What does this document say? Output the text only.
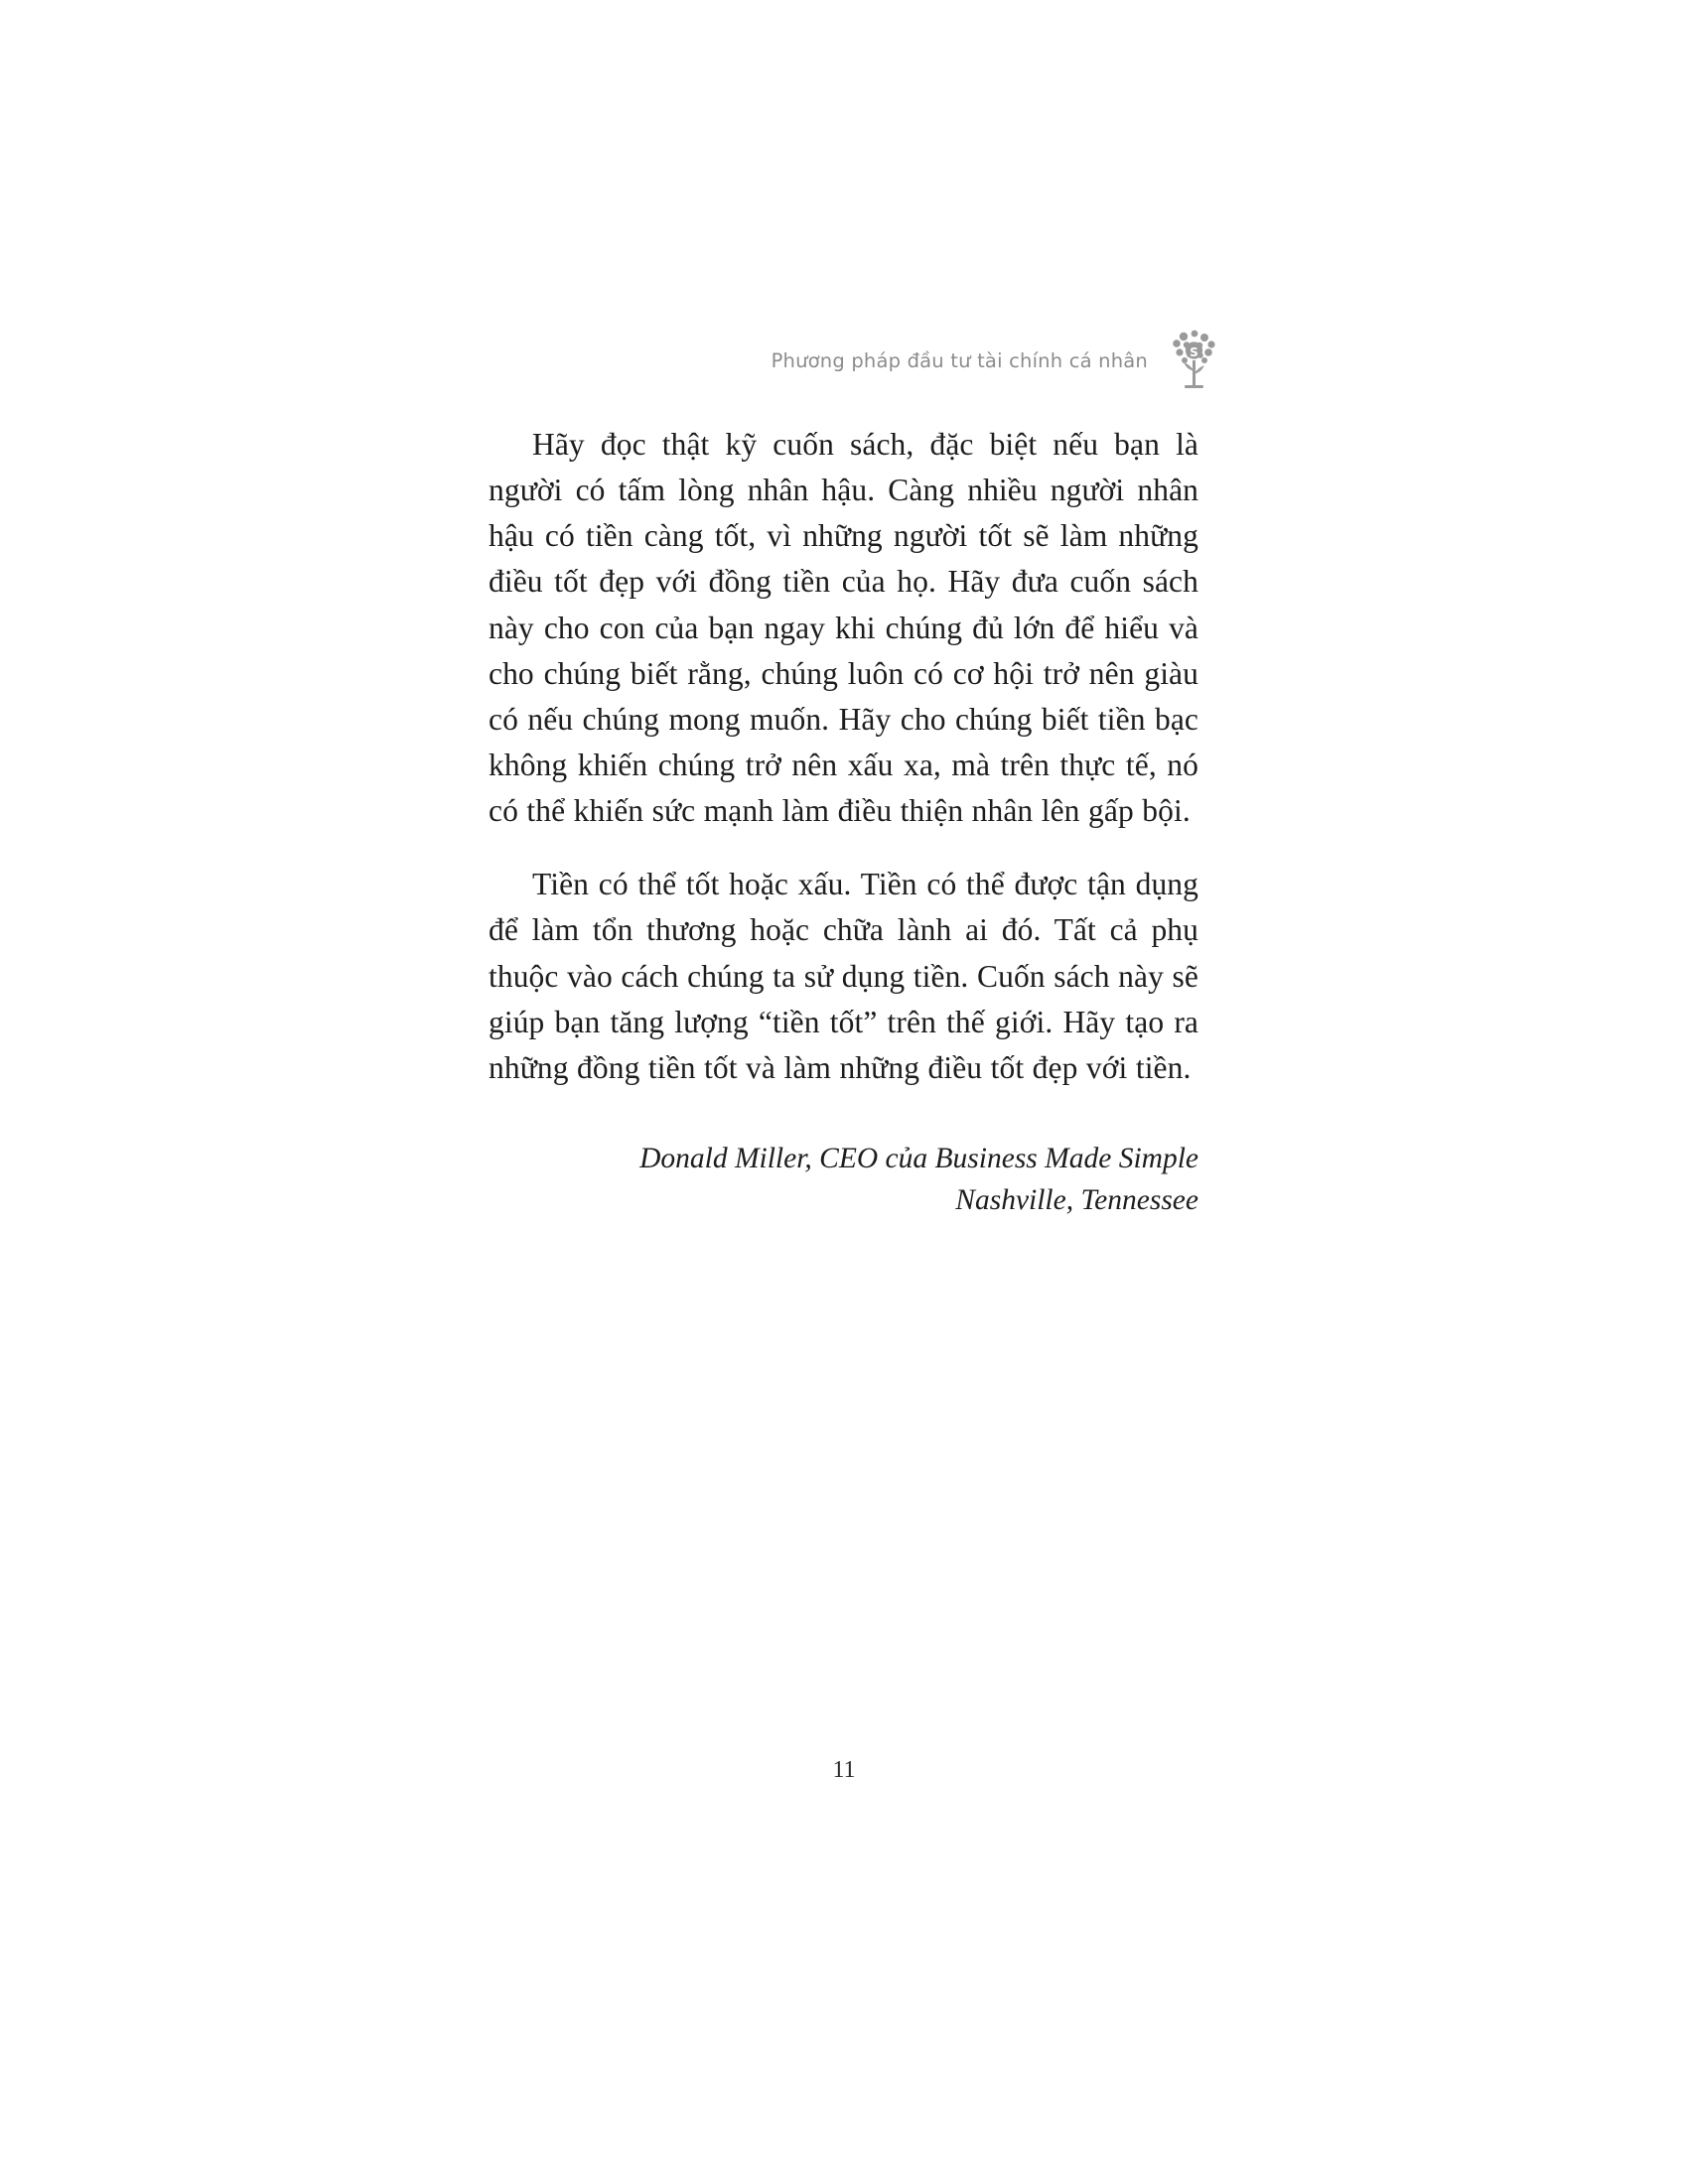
Phương pháp đầu tư tài chính cá nhân	S

Hãy đọc thật kỹ cuốn sách, đặc biệt nếu bạn là người có tấm lòng nhân hậu. Càng nhiều người nhân hậu có tiền càng tốt, vì những người tốt sẽ làm những điều tốt đẹp với đồng tiền của họ. Hãy đưa cuốn sách này cho con của bạn ngay khi chúng đủ lớn để hiểu và cho chúng biết rằng, chúng luôn có cơ hội trở nên giàu có nếu chúng mong muốn. Hãy cho chúng biết tiền bạc không khiến chúng trở nên xấu xa, mà trên thực tế, nó có thể khiến sức mạnh làm điều thiện nhân lên gấp bội.

Tiền có thể tốt hoặc xấu. Tiền có thể được tận dụng để làm tổn thương hoặc chữa lành ai đó. Tất cả phụ thuộc vào cách chúng ta sử dụng tiền. Cuốn sách này sẽ giúp bạn tăng lượng “tiền tốt” trên thế giới. Hãy tạo ra những đồng tiền tốt và làm những điều tốt đẹp với tiền.

Donald Miller, CEO của Business Made Simple
Nashville, Tennessee
11
